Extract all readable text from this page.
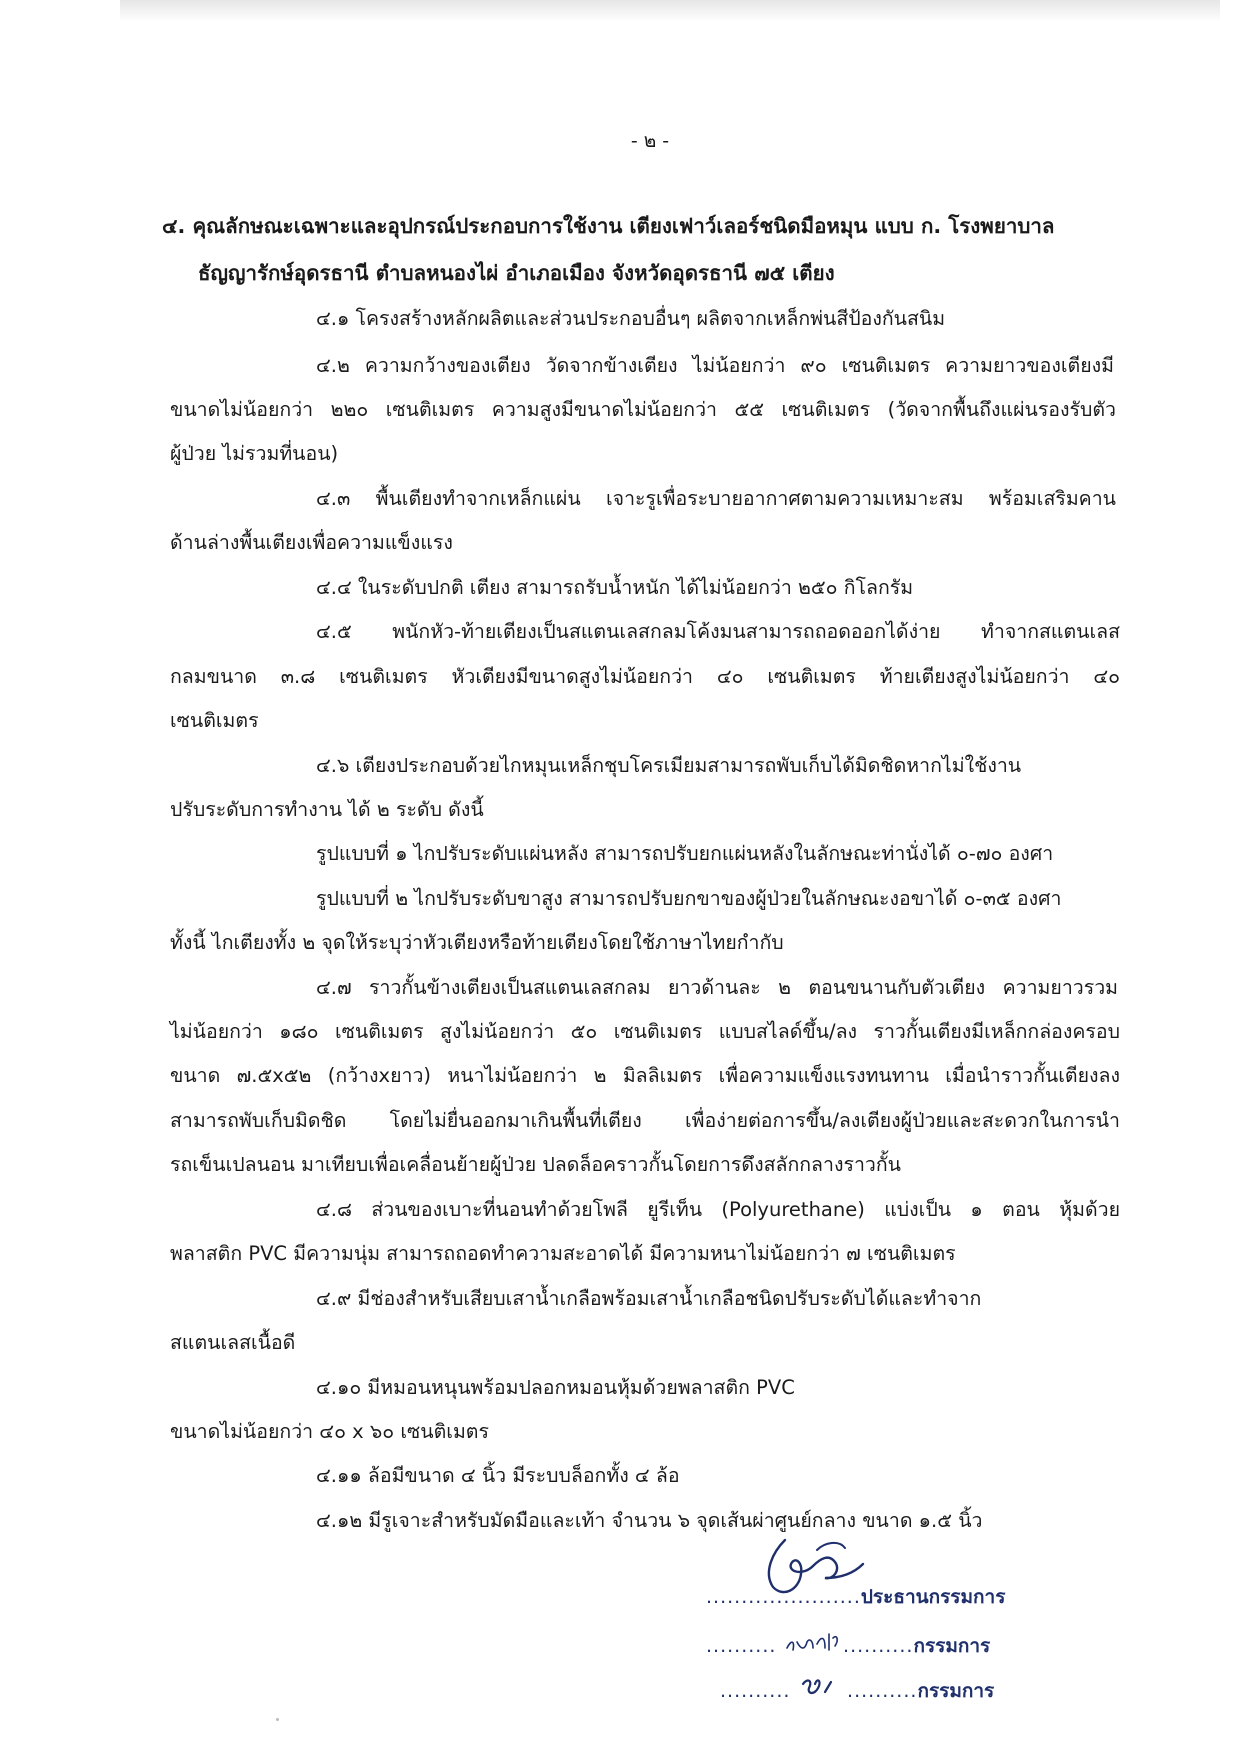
- ๒ -
๔. คุณลักษณะเฉพาะและอุปกรณ์ประกอบการใช้งาน เตียงเฟาว์เลอร์ชนิดมือหมุน แบบ ก. โรงพยาบาล
ธัญญารักษ์อุดรธานี ตำบลหนองไผ่ อำเภอเมือง จังหวัดอุดรธานี ๗๕ เตียง
๔.๑ โครงสร้างหลักผลิตและส่วนประกอบอื่นๆ ผลิตจากเหล็กพ่นสีป้องกันสนิม
๔.๒ ความกว้างของเตียง วัดจากข้างเตียง ไม่น้อยกว่า ๙๐ เซนติเมตร ความยาวของเตียงมี
ขนาดไม่น้อยกว่า ๒๒๐ เซนติเมตร ความสูงมีขนาดไม่น้อยกว่า ๕๕ เซนติเมตร (วัดจากพื้นถึงแผ่นรองรับตัว
ผู้ป่วย ไม่รวมที่นอน)
๔.๓ พื้นเตียงทำจากเหล็กแผ่น เจาะรูเพื่อระบายอากาศตามความเหมาะสม พร้อมเสริมคาน
ด้านล่างพื้นเตียงเพื่อความแข็งแรง
๔.๔ ในระดับปกติ เตียง สามารถรับน้ำหนัก ได้ไม่น้อยกว่า ๒๕๐ กิโลกรัม
๔.๕ พนักหัว-ท้ายเตียงเป็นสแตนเลสกลมโค้งมนสามารถถอดออกได้ง่าย ทำจากสแตนเลส
กลมขนาด ๓.๘ เซนติเมตร หัวเตียงมีขนาดสูงไม่น้อยกว่า ๔๐ เซนติเมตร ท้ายเตียงสูงไม่น้อยกว่า ๔๐
เซนติเมตร
๔.๖ เตียงประกอบด้วยไกหมุนเหล็กชุบโครเมียมสามารถพับเก็บได้มิดชิดหากไม่ใช้งาน
ปรับระดับการทำงาน ได้ ๒ ระดับ ดังนี้
รูปแบบที่ ๑ ไกปรับระดับแผ่นหลัง สามารถปรับยกแผ่นหลังในลักษณะท่านั่งได้ ๐-๗๐ องศา
รูปแบบที่ ๒ ไกปรับระดับขาสูง สามารถปรับยกขาของผู้ป่วยในลักษณะงอขาได้ ๐-๓๕ องศา
ทั้งนี้ ไกเตียงทั้ง ๒ จุดให้ระบุว่าหัวเตียงหรือท้ายเตียงโดยใช้ภาษาไทยกำกับ
๔.๗ ราวกั้นข้างเตียงเป็นสแตนเลสกลม ยาวด้านละ ๒ ตอนขนานกับตัวเตียง ความยาวรวม
ไม่น้อยกว่า ๑๘๐ เซนติเมตร สูงไม่น้อยกว่า ๕๐ เซนติเมตร แบบสไลด์ขึ้น/ลง ราวกั้นเตียงมีเหล็กกล่องครอบ
ขนาด ๗.๕x๕๒ (กว้างxยาว) หนาไม่น้อยกว่า ๒ มิลลิเมตร เพื่อความแข็งแรงทนทาน เมื่อนำราวกั้นเตียงลง
สามารถพับเก็บมิดชิด โดยไม่ยื่นออกมาเกินพื้นที่เตียง เพื่อง่ายต่อการขึ้น/ลงเตียงผู้ป่วยและสะดวกในการนำ
รถเข็นเปลนอน มาเทียบเพื่อเคลื่อนย้ายผู้ป่วย ปลดล็อคราวกั้นโดยการดึงสลักกลางราวกั้น
๔.๘ ส่วนของเบาะที่นอนทำด้วยโพลี ยูรีเท็น (Polyurethane) แบ่งเป็น ๑ ตอน หุ้มด้วย
พลาสติก PVC มีความนุ่ม สามารถถอดทำความสะอาดได้ มีความหนาไม่น้อยกว่า ๗ เซนติเมตร
๔.๙ มีช่องสำหรับเสียบเสาน้ำเกลือพร้อมเสาน้ำเกลือชนิดปรับระดับได้และทำจาก
สแตนเลสเนื้อดี
๔.๑๐ มีหมอนหนุนพร้อมปลอกหมอนหุ้มด้วยพลาสติก PVC
ขนาดไม่น้อยกว่า ๔๐ x ๖๐ เซนติเมตร
๔.๑๑ ล้อมีขนาด ๔ นิ้ว มีระบบล็อกทั้ง ๔ ล้อ
๔.๑๒ มีรูเจาะสำหรับมัดมือและเท้า จำนวน ๖ จุดเส้นผ่าศูนย์กลาง ขนาด ๑.๕ นิ้ว
......................ประธานกรรมการ
..........	..........กรรมการ
..........	..........กรรมการ
